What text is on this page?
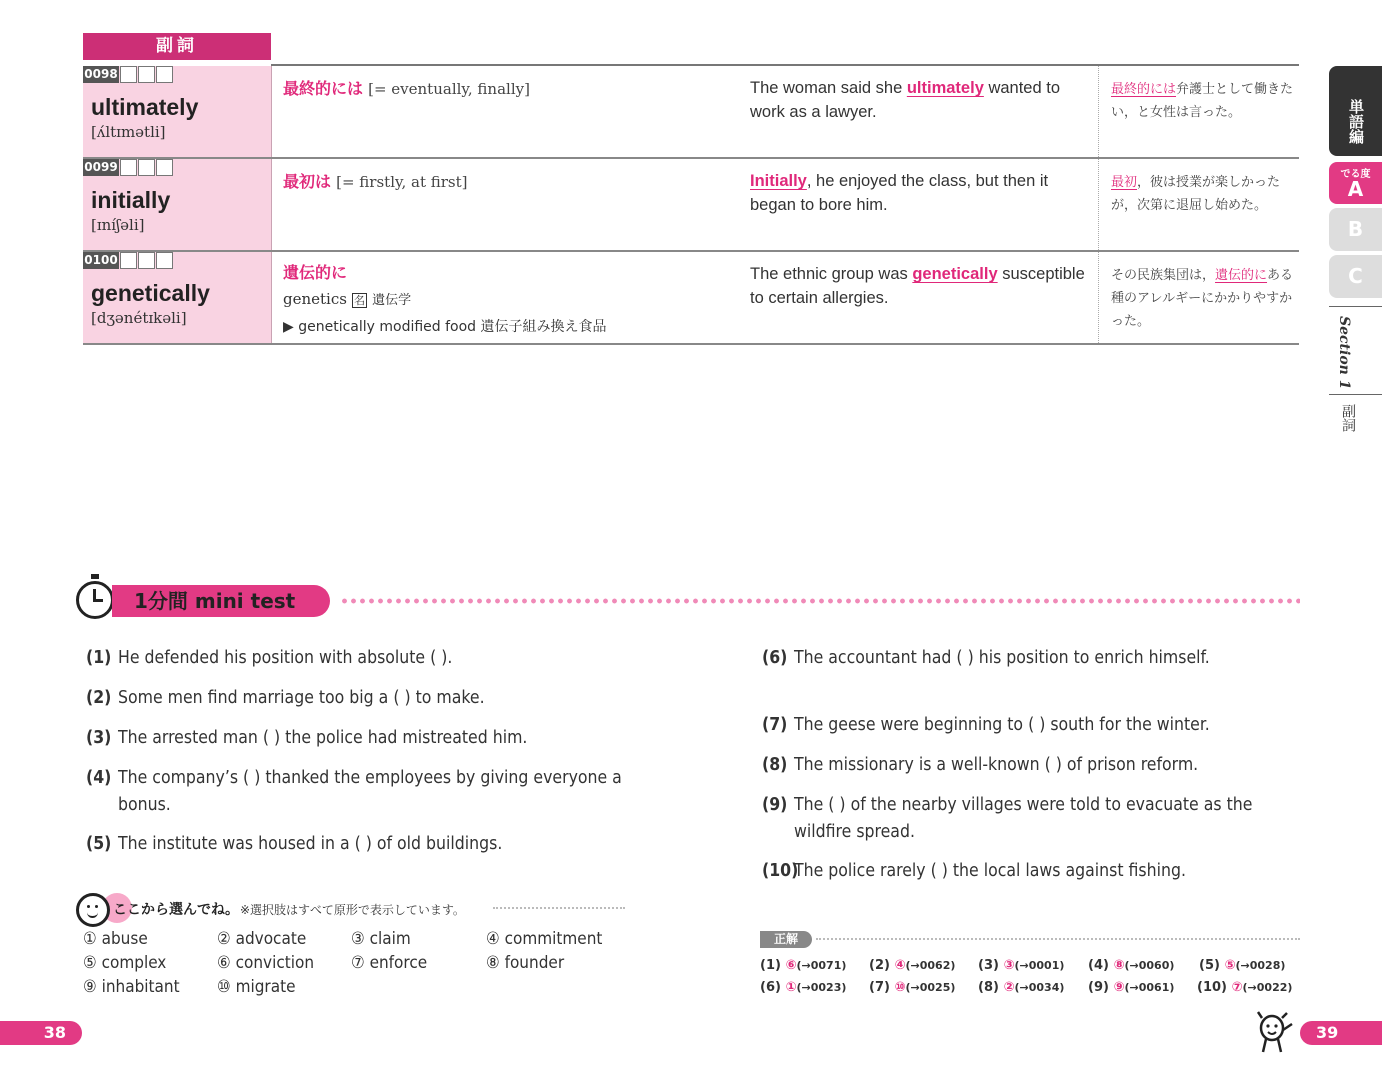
副詞
0098
ultimately
[ʌ́ltɪmətli]
最終的には [= eventually, finally]	The woman said she ultimately wanted to work as a lawyer.
最終的には弁護士として働きたい，と女性は言った。
0099
initially
[ɪníʃəli]
最初は [= firstly, at first]	Initially, he enjoyed the class, but then it began to bore him.
最初，彼は授業が楽しかったが，次第に退屈し始めた。
0100
genetically
[dʒənétɪkəli]
遺伝的に
genetics 名 遺伝学
▶ genetically modified food 遺伝子組み換え食品
The ethnic group was genetically susceptible to certain allergies.
その民族集団は，遺伝的にある種のアレルギーにかかりやすかった。
単語編
でる度
A
B
C
Section 1
副詞
1分間 mini test
(1) He defended his position with absolute ( ).
(2) Some men find marriage too big a ( ) to make.
(3) The arrested man ( ) the police had mistreated him.
(4) The company’s ( ) thanked the employees by giving everyone a bonus.
(5) The institute was housed in a ( ) of old buildings.
(6) The accountant had ( ) his position to enrich himself.
(7) The geese were beginning to ( ) south for the winter.
(8) The missionary is a well-known ( ) of prison reform.
(9) The ( ) of the nearby villages were told to evacuate as the wildfire spread.
(10)
The police rarely ( ) the local laws against fishing.
ここから選んでね。 ※選択肢はすべて原形で表示しています。
① abuse	② advocate	③ claim	④ commitment
⑤ complex	⑥ conviction ⑦ enforce	⑧ founder
⑨ inhabitant ⑩ migrate
正解
(1) ⑥(→0071) (2) ④(→0062) (3) ③(→0001) (4) ⑧(→0060) (5) ⑤(→0028)
(6) ①(→0023) (7) ⑩(→0025) (8) ②(→0034) (9) ⑨(→0061) (10) ⑦(→0022)
38	39
